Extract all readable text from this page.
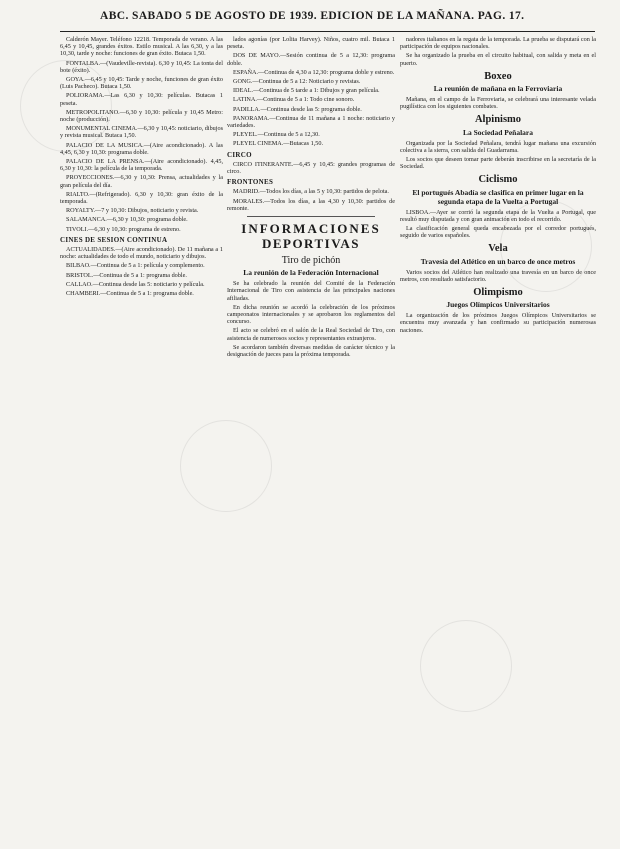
ABC. SABADO 5 DE AGOSTO DE 1939. EDICION DE LA MAÑANA. PAG. 17.

Calderón Mayer. Teléfono 12218. Temporada de verano. A las 6,45 y 10,45, grandes éxitos. Estilo musical. A las 6,30, y a las 10,30, tarde y noche: funciones de gran éxito. Butaca 1,50.

FONTALBA.—(Vaudeville-revista). 6,30 y 10,45: La tonta del bote (éxito).

GOYA.—6,45 y 10,45: Tarde y noche, funciones de gran éxito (Luis Pacheco). Butaca 1,50.

POLIORAMA.—Las 6,30 y 10,30: películas. Butacas 1 peseta.

METROPOLITANO.—6,30 y 10,30: película y 10,45 Metro: noche (producción).

MONUMENTAL CINEMA.—6,30 y 10,45: noticiario, dibujos y revista musical. Butaca 1,50.

PALACIO DE LA MUSICA.—(Aire acondicionado). A las 4,45, 6,30 y 10,30: programa doble.

PALACIO DE LA PRENSA.—(Aire acondicionado). 4,45, 6,30 y 10,30: la película de la temporada.

PROYECCIONES.—6,30 y 10,30: Prensa, actualidades y la gran película del día.

RIALTO.—(Refrigerado). 6,30 y 10,30: gran éxito de la temporada.

ROYALTY.—7 y 10,30: Dibujos, noticiario y revista.

SALAMANCA.—6,30 y 10,30: programa doble.

TIVOLI.—6,30 y 10,30: programa de estreno.

CINES DE SESION CONTINUA

ACTUALIDADES.—(Aire acondicionado). De 11 mañana a 1 noche: actualidades de todo el mundo, noticiario y dibujos.

BILBAO.—Continua de 5 a 1: película y complemento.

BRISTOL.—Continua de 5 a 1: programa doble.

CALLAO.—Continua desde las 5: noticiario y película.

CHAMBERI.—Continua de 5 a 1: programa doble.

lados agonías (por Lolita Harvey). Niños, cuatro mil. Butaca 1 peseta.

DOS DE MAYO.—Sesión continua de 5 a 12,30: programa doble.

ESPAÑA.—Continua de 4,30 a 12,30: programa doble y estreno.

GONG.—Continua de 5 a 12: Noticiario y revistas.

IDEAL.—Continua de 5 tarde a 1: Dibujos y gran película.

LATINA.—Continua de 5 a 1: Todo cine sonoro.

PADILLA.—Continua desde las 5: programa doble.

PANORAMA.—Continua de 11 mañana a 1 noche: noticiario y variedades.

PLEYEL.—Continua de 5 a 12,30.

PLEYEL CINEMA.—Butacas 1,50.

CIRCO

CIRCO ITINERANTE.—6,45 y 10,45: grandes programas de circo.

FRONTONES

MADRID.—Todos los días, a las 5 y 10,30: partidos de pelota.

MORALES.—Todos los días, a las 4,30 y 10,30: partidos de remonte.

INFORMACIONES
DEPORTIVAS
Tiro de pichón
La reunión de la Federación Internacional

Se ha celebrado la reunión del Comité de la Federación Internacional de Tiro con asistencia de las principales naciones afiliadas.

En dicha reunión se acordó la celebración de los próximos campeonatos internacionales y se aprobaron los reglamentos del concurso.

El acto se celebró en el salón de la Real Sociedad de Tiro, con asistencia de numerosos socios y representantes extranjeros.

Se acordaron también diversas medidas de carácter técnico y la designación de jueces para la próxima temporada.

nadores italianos en la regata de la temporada. La prueba se disputará con la participación de equipos nacionales.

Se ha organizado la prueba en el circuito habitual, con salida y meta en el puerto.

Boxeo
La reunión de mañana en la Ferroviaria

Mañana, en el campo de la Ferroviaria, se celebrará una interesante velada pugilística con los siguientes combates.

Alpinismo
La Sociedad Peñalara

Organizada por la Sociedad Peñalara, tendrá lugar mañana una excursión colectiva a la sierra, con salida del Guadarrama.

Los socios que deseen tomar parte deberán inscribirse en la secretaría de la Sociedad.

Ciclismo
El portugués Abadía se clasifica en primer lugar en la segunda etapa de la Vuelta a Portugal

LISBOA.—Ayer se corrió la segunda etapa de la Vuelta a Portugal, que resultó muy disputada y con gran animación en todo el recorrido.

La clasificación general queda encabezada por el corredor portugués, seguido de varios españoles.

Vela
Travesía del Atlético en un barco de once metros

Varios socios del Atlético han realizado una travesía en un barco de once metros, con resultado satisfactorio.

Olimpismo
Juegos Olímpicos Universitarios

La organización de los próximos Juegos Olímpicos Universitarios se encuentra muy avanzada y han confirmado su participación numerosas naciones.
